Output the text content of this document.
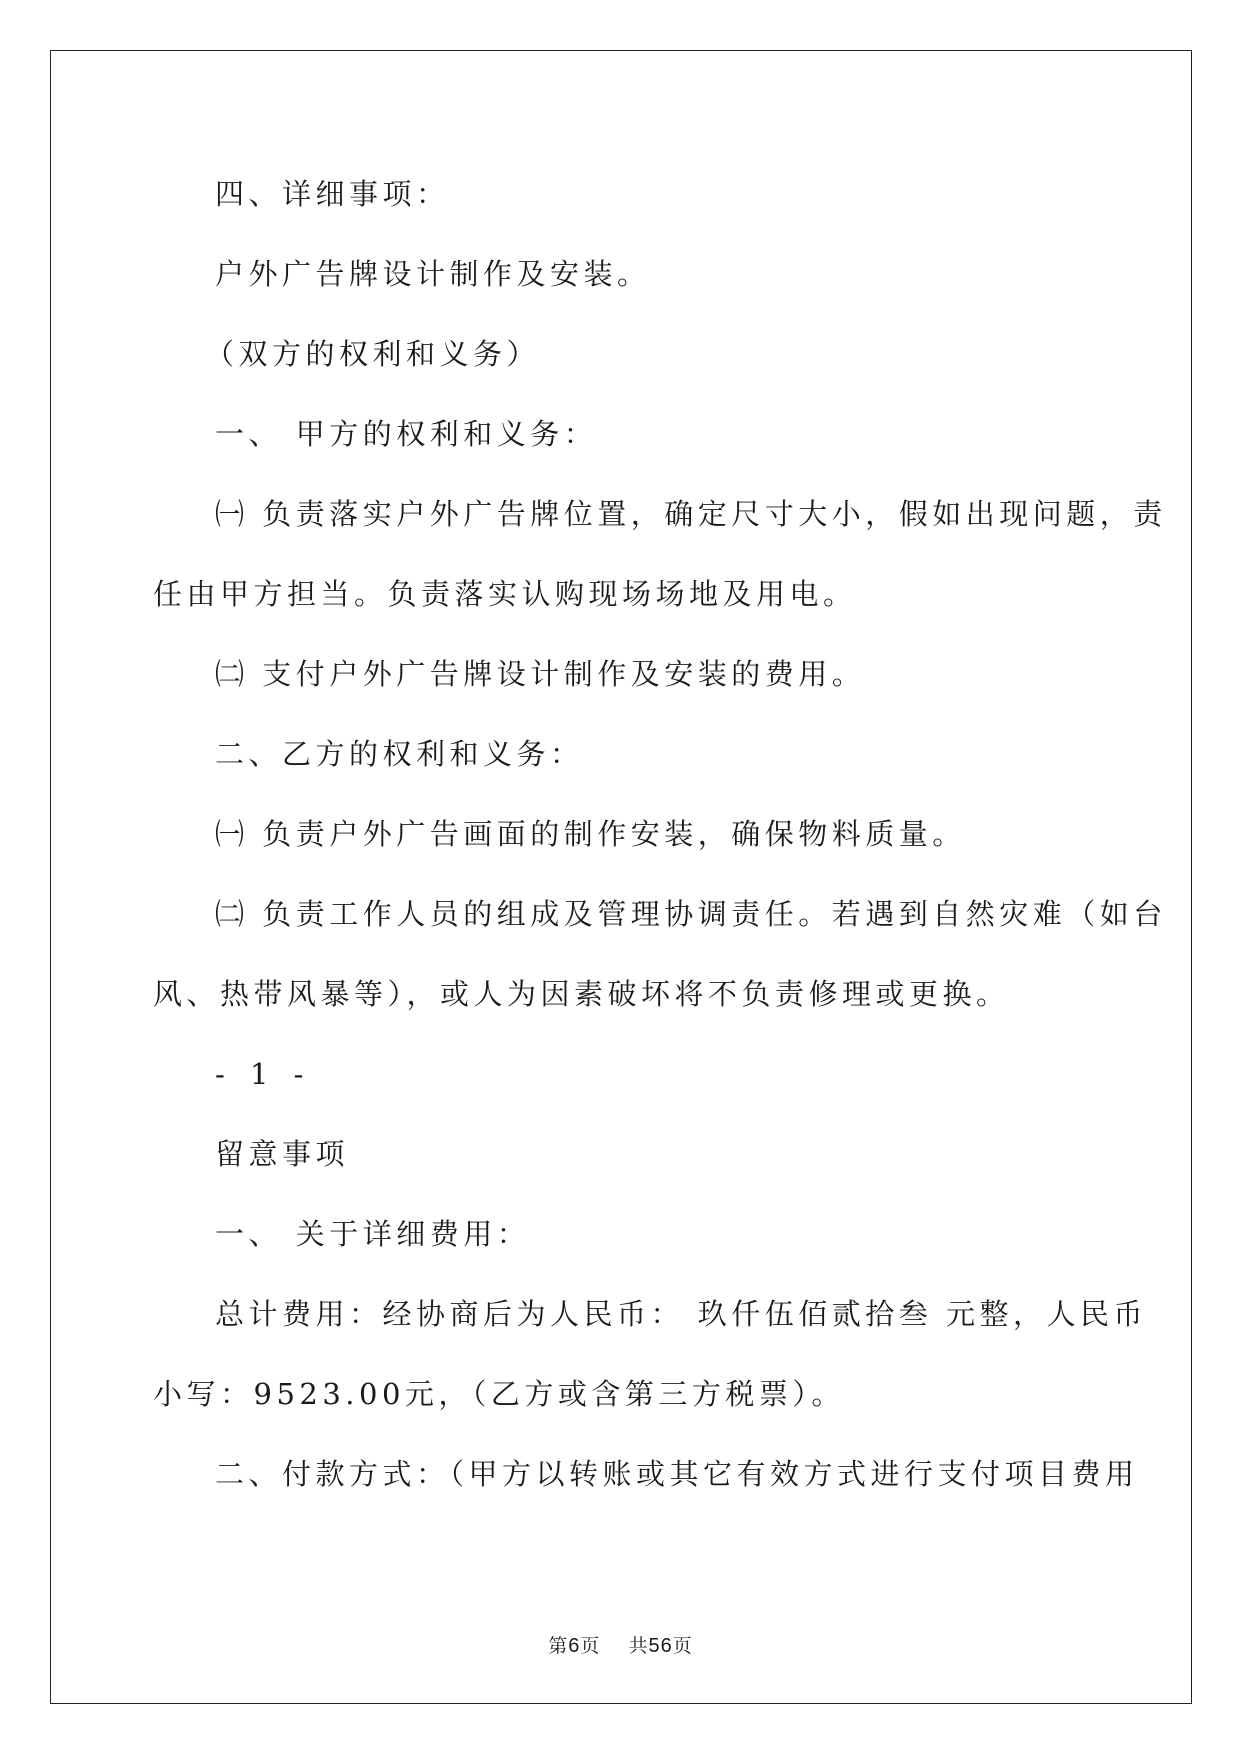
四、详细事项：
户外广告牌设计制作及安装。
（双方的权利和义务）
一、 甲方的权利和义务：
㈠ 负责落实户外广告牌位置，确定尺寸大小，假如出现问题，责
任由甲方担当。负责落实认购现场场地及用电。
㈡ 支付户外广告牌设计制作及安装的费用。
二、乙方的权利和义务：
㈠ 负责户外广告画面的制作安装，确保物料质量。
㈡ 负责工作人员的组成及管理协调责任。若遇到自然灾难（如台
风、热带风暴等），或人为因素破坏将不负责修理或更换。
- 1 -
留意事项
一、 关于详细费用：
总计费用：经协商后为人民币： 玖仟伍佰贰拾叁 元整，人民币
小写：9523.00元，（乙方或含第三方税票）。
二、付款方式：（甲方以转账或其它有效方式进行支付项目费用
第6页 共56页
